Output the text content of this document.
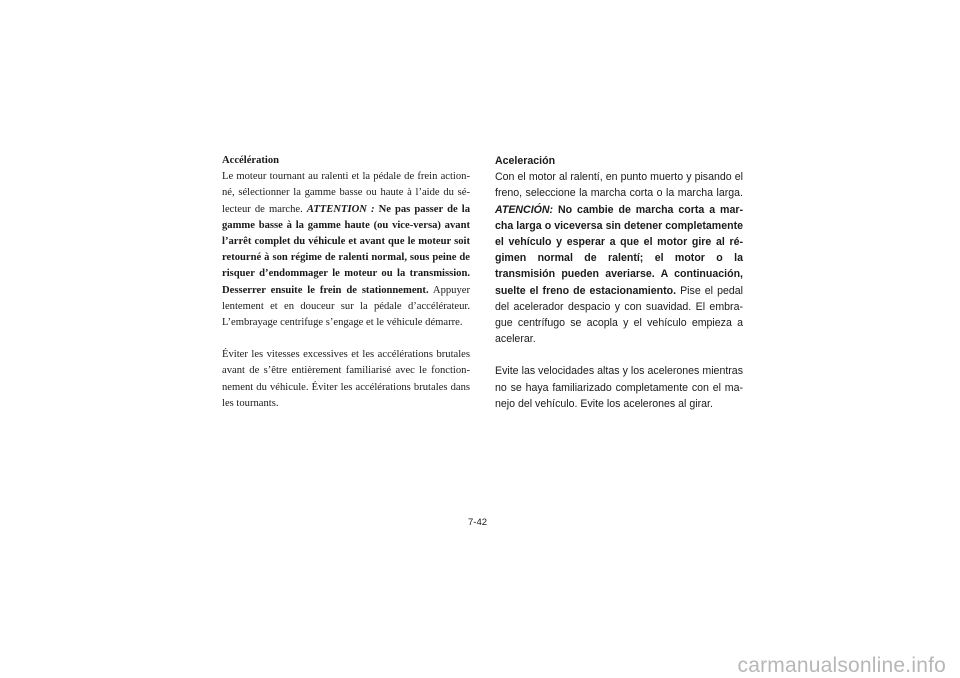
Accélération

Le moteur tournant au ralenti et la pédale de frein actionné, sélectionner la gamme basse ou haute à l’aide du sélecteur de marche. ATTENTION : Ne pas passer de la gamme basse à la gamme haute (ou vice-versa) avant l’arrêt complet du véhicule et avant que le moteur soit retourné à son régime de ralenti normal, sous peine de risquer d’endommager le moteur ou la transmission. Desserrer ensuite le frein de stationnement. Appuyer lentement et en douceur sur la pédale d’accélérateur. L’embrayage centrifuge s’engage et le véhicule démarre.

Éviter les vitesses excessives et les accélérations brutales avant de s’être entièrement familiarisé avec le fonctionnement du véhicule. Éviter les accélérations brutales dans les tournants.

Aceleración

Con el motor al ralentí, en punto muerto y pisando el freno, seleccione la marcha corta o la marcha larga. ATENCIÓN: No cambie de marcha corta a marcha larga o viceversa sin detener completamente el vehículo y esperar a que el motor gire al régimen normal de ralentí; el motor o la transmisión pueden averiarse. A continuación, suelte el freno de estacionamiento. Pise el pedal del acelerador despacio y con suavidad. El embrague centrífugo se acopla y el vehículo empieza a acelerar.

Evite las velocidades altas y los acelerones mientras no se haya familiarizado completamente con el manejo del vehículo. Evite los acelerones al girar.

7-42
carmanualsonline.info
